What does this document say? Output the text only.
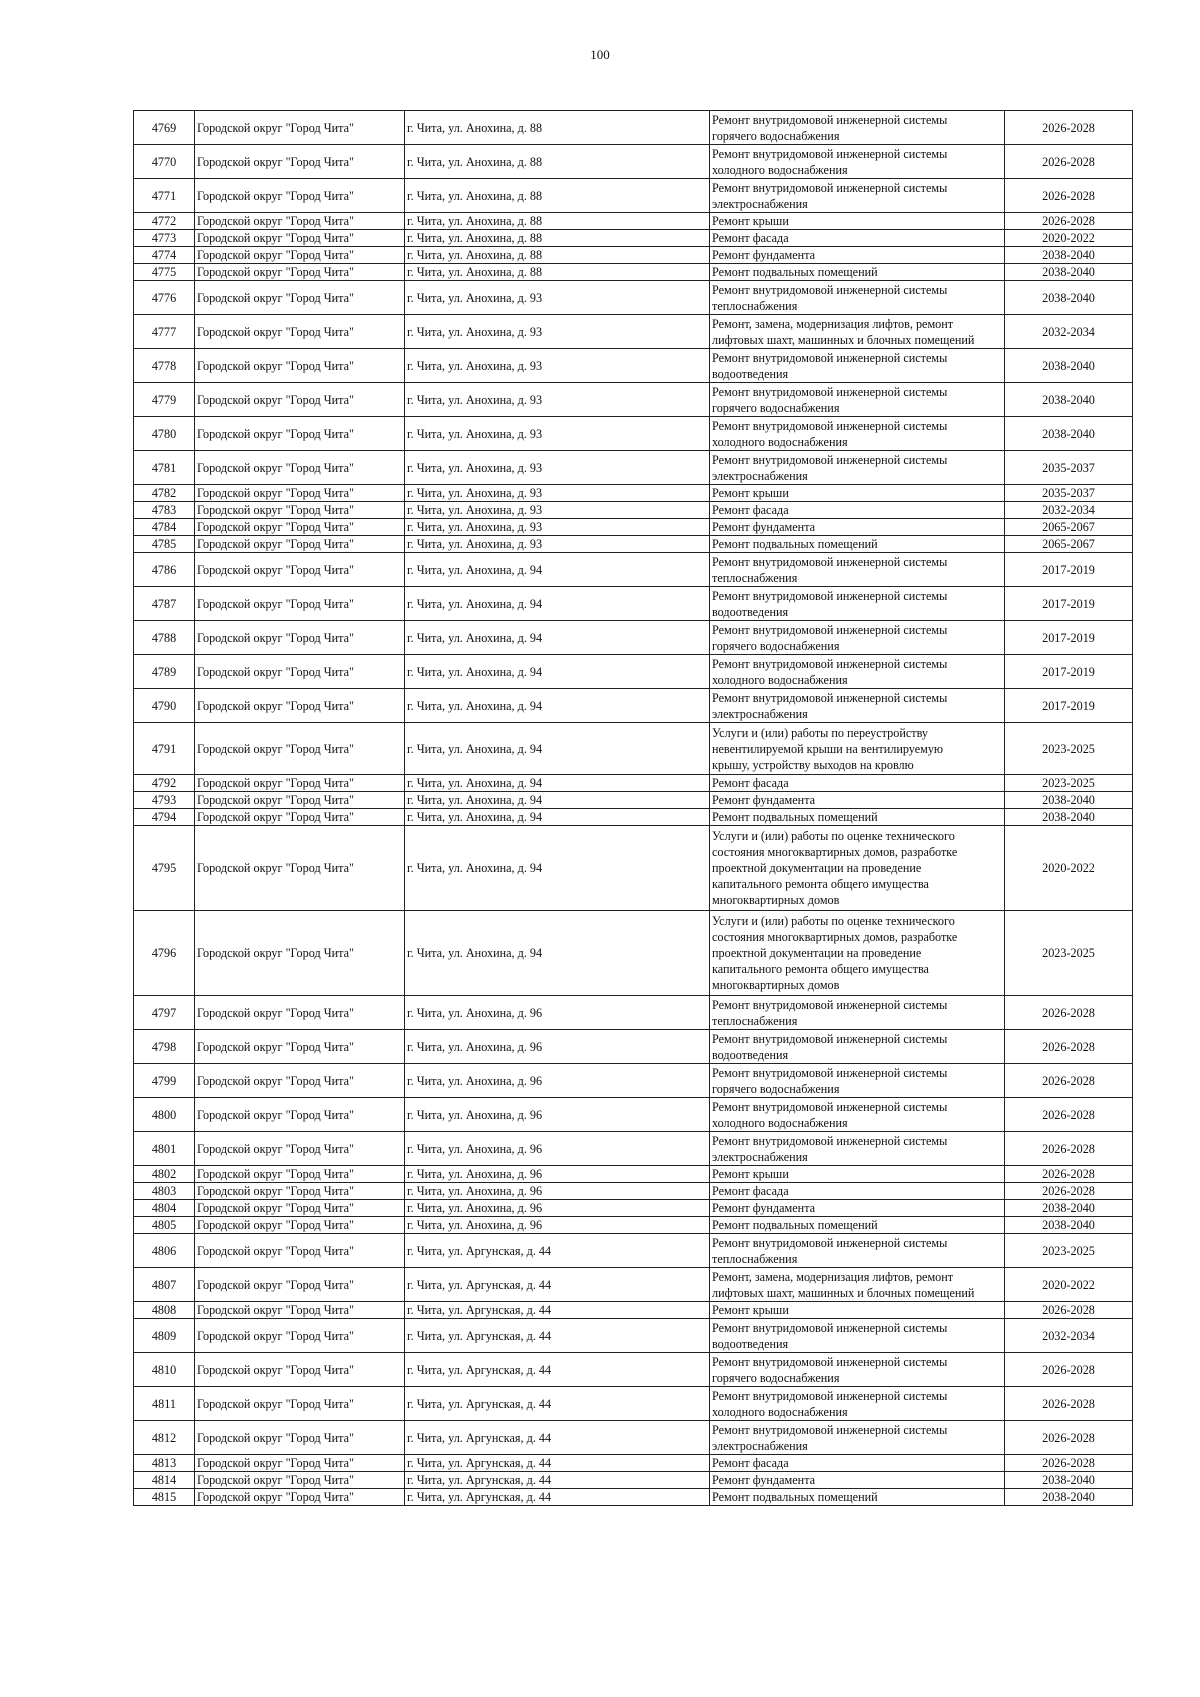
100
4769	Городской округ "Город Чита"	г. Чита, ул. Анохина, д. 88	Ремонт внутридомовой инженерной системы
горячего водоснабжения	2026-2028
4770	Городской округ "Город Чита"	г. Чита, ул. Анохина, д. 88	Ремонт внутридомовой инженерной системы
холодного водоснабжения	2026-2028
4771	Городской округ "Город Чита"	г. Чита, ул. Анохина, д. 88	Ремонт внутридомовой инженерной системы
электроснабжения	2026-2028
4772	Городской округ "Город Чита"	г. Чита, ул. Анохина, д. 88	Ремонт крыши	2026-2028
4773	Городской округ "Город Чита"	г. Чита, ул. Анохина, д. 88	Ремонт фасада	2020-2022
4774	Городской округ "Город Чита"	г. Чита, ул. Анохина, д. 88	Ремонт фундамента	2038-2040
4775	Городской округ "Город Чита"	г. Чита, ул. Анохина, д. 88	Ремонт подвальных помещений	2038-2040
4776	Городской округ "Город Чита"	г. Чита, ул. Анохина, д. 93	Ремонт внутридомовой инженерной системы
теплоснабжения	2038-2040
4777	Городской округ "Город Чита"	г. Чита, ул. Анохина, д. 93	Ремонт, замена, модернизация лифтов, ремонт
лифтовых шахт, машинных и блочных помещений	2032-2034
4778	Городской округ "Город Чита"	г. Чита, ул. Анохина, д. 93	Ремонт внутридомовой инженерной системы
водоотведения	2038-2040
4779	Городской округ "Город Чита"	г. Чита, ул. Анохина, д. 93	Ремонт внутридомовой инженерной системы
горячего водоснабжения	2038-2040
4780	Городской округ "Город Чита"	г. Чита, ул. Анохина, д. 93	Ремонт внутридомовой инженерной системы
холодного водоснабжения	2038-2040
4781	Городской округ "Город Чита"	г. Чита, ул. Анохина, д. 93	Ремонт внутридомовой инженерной системы
электроснабжения	2035-2037
4782	Городской округ "Город Чита"	г. Чита, ул. Анохина, д. 93	Ремонт крыши	2035-2037
4783	Городской округ "Город Чита"	г. Чита, ул. Анохина, д. 93	Ремонт фасада	2032-2034
4784	Городской округ "Город Чита"	г. Чита, ул. Анохина, д. 93	Ремонт фундамента	2065-2067
4785	Городской округ "Город Чита"	г. Чита, ул. Анохина, д. 93	Ремонт подвальных помещений	2065-2067
4786	Городской округ "Город Чита"	г. Чита, ул. Анохина, д. 94	Ремонт внутридомовой инженерной системы
теплоснабжения	2017-2019
4787	Городской округ "Город Чита"	г. Чита, ул. Анохина, д. 94	Ремонт внутридомовой инженерной системы
водоотведения	2017-2019
4788	Городской округ "Город Чита"	г. Чита, ул. Анохина, д. 94	Ремонт внутридомовой инженерной системы
горячего водоснабжения	2017-2019
4789	Городской округ "Город Чита"	г. Чита, ул. Анохина, д. 94	Ремонт внутридомовой инженерной системы
холодного водоснабжения	2017-2019
4790	Городской округ "Город Чита"	г. Чита, ул. Анохина, д. 94	Ремонт внутридомовой инженерной системы
электроснабжения	2017-2019
4791	Городской округ "Город Чита"	г. Чита, ул. Анохина, д. 94	Услуги и (или) работы по переустройству
невентилируемой крыши на вентилируемую
крышу, устройству выходов на кровлю	2023-2025
4792	Городской округ "Город Чита"	г. Чита, ул. Анохина, д. 94	Ремонт фасада	2023-2025
4793	Городской округ "Город Чита"	г. Чита, ул. Анохина, д. 94	Ремонт фундамента	2038-2040
4794	Городской округ "Город Чита"	г. Чита, ул. Анохина, д. 94	Ремонт подвальных помещений	2038-2040
4795	Городской округ "Город Чита"	г. Чита, ул. Анохина, д. 94	Услуги и (или) работы по оценке технического
состояния многоквартирных домов, разработке
проектной документации на проведение
капитального ремонта общего имущества
многоквартирных домов	2020-2022
4796	Городской округ "Город Чита"	г. Чита, ул. Анохина, д. 94	Услуги и (или) работы по оценке технического
состояния многоквартирных домов, разработке
проектной документации на проведение
капитального ремонта общего имущества
многоквартирных домов	2023-2025
4797	Городской округ "Город Чита"	г. Чита, ул. Анохина, д. 96	Ремонт внутридомовой инженерной системы
теплоснабжения	2026-2028
4798	Городской округ "Город Чита"	г. Чита, ул. Анохина, д. 96	Ремонт внутридомовой инженерной системы
водоотведения	2026-2028
4799	Городской округ "Город Чита"	г. Чита, ул. Анохина, д. 96	Ремонт внутридомовой инженерной системы
горячего водоснабжения	2026-2028
4800	Городской округ "Город Чита"	г. Чита, ул. Анохина, д. 96	Ремонт внутридомовой инженерной системы
холодного водоснабжения	2026-2028
4801	Городской округ "Город Чита"	г. Чита, ул. Анохина, д. 96	Ремонт внутридомовой инженерной системы
электроснабжения	2026-2028
4802	Городской округ "Город Чита"	г. Чита, ул. Анохина, д. 96	Ремонт крыши	2026-2028
4803	Городской округ "Город Чита"	г. Чита, ул. Анохина, д. 96	Ремонт фасада	2026-2028
4804	Городской округ "Город Чита"	г. Чита, ул. Анохина, д. 96	Ремонт фундамента	2038-2040
4805	Городской округ "Город Чита"	г. Чита, ул. Анохина, д. 96	Ремонт подвальных помещений	2038-2040
4806	Городской округ "Город Чита"	г. Чита, ул. Аргунская, д. 44	Ремонт внутридомовой инженерной системы
теплоснабжения	2023-2025
4807	Городской округ "Город Чита"	г. Чита, ул. Аргунская, д. 44	Ремонт, замена, модернизация лифтов, ремонт
лифтовых шахт, машинных и блочных помещений	2020-2022
4808	Городской округ "Город Чита"	г. Чита, ул. Аргунская, д. 44	Ремонт крыши	2026-2028
4809	Городской округ "Город Чита"	г. Чита, ул. Аргунская, д. 44	Ремонт внутридомовой инженерной системы
водоотведения	2032-2034
4810	Городской округ "Город Чита"	г. Чита, ул. Аргунская, д. 44	Ремонт внутридомовой инженерной системы
горячего водоснабжения	2026-2028
4811	Городской округ "Город Чита"	г. Чита, ул. Аргунская, д. 44	Ремонт внутридомовой инженерной системы
холодного водоснабжения	2026-2028
4812	Городской округ "Город Чита"	г. Чита, ул. Аргунская, д. 44	Ремонт внутридомовой инженерной системы
электроснабжения	2026-2028
4813	Городской округ "Город Чита"	г. Чита, ул. Аргунская, д. 44	Ремонт фасада	2026-2028
4814	Городской округ "Город Чита"	г. Чита, ул. Аргунская, д. 44	Ремонт фундамента	2038-2040
4815	Городской округ "Город Чита"	г. Чита, ул. Аргунская, д. 44	Ремонт подвальных помещений	2038-2040
